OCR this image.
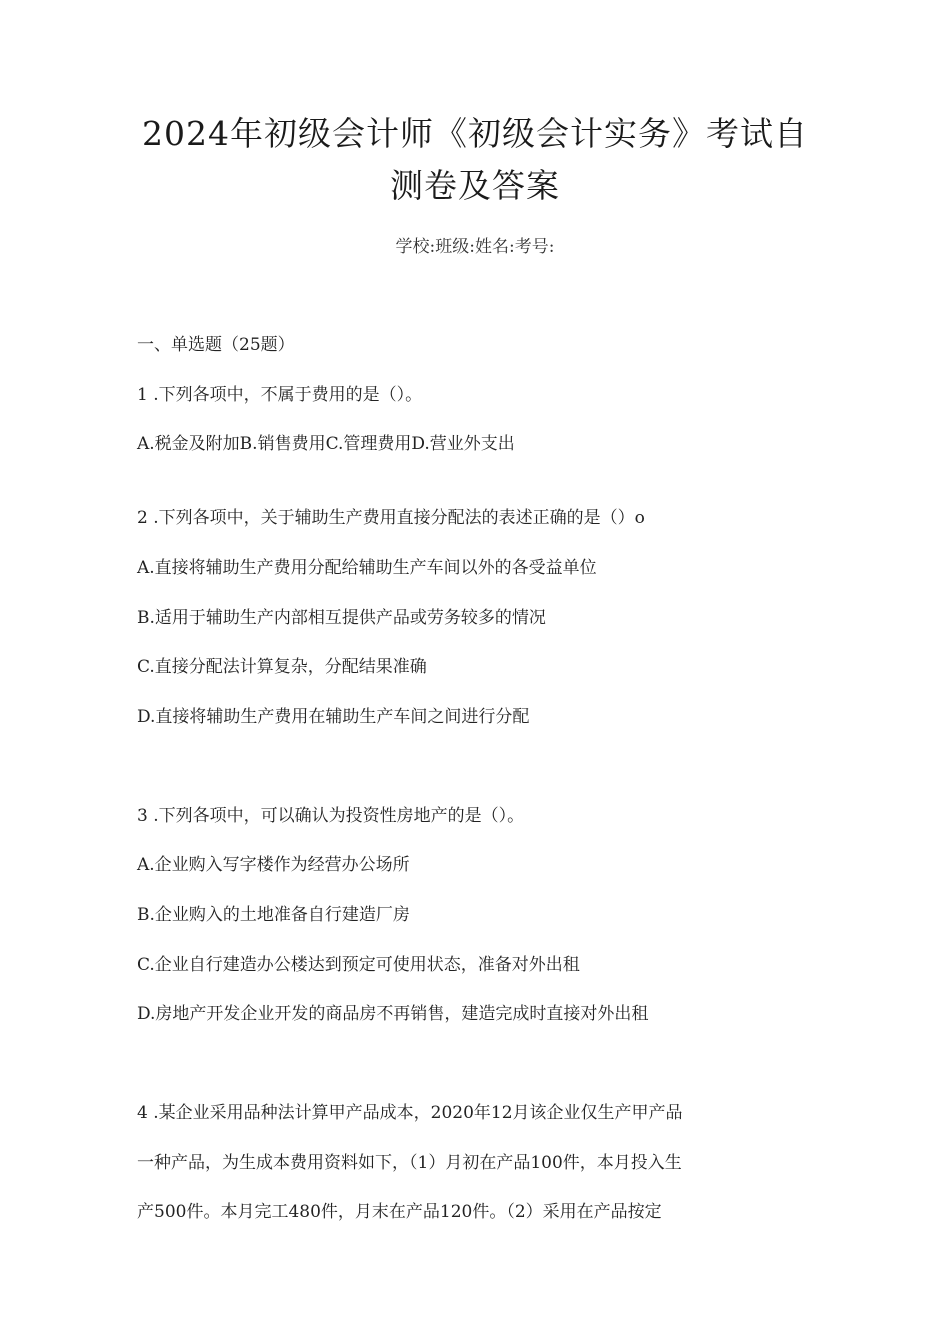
2024年初级会计师《初级会计实务》考试自
测卷及答案
学校:班级:姓名:考号:
一、单选题（25题）
1 .下列各项中，不属于费用的是（）。
A.税金及附加B.销售费用C.管理费用D.营业外支出
2 .下列各项中，关于辅助生产费用直接分配法的表述正确的是（）o
A.直接将辅助生产费用分配给辅助生产车间以外的各受益单位
B.适用于辅助生产内部相互提供产品或劳务较多的情况
C.直接分配法计算复杂，分配结果准确
D.直接将辅助生产费用在辅助生产车间之间进行分配
3 .下列各项中，可以确认为投资性房地产的是（）。
A.企业购入写字楼作为经营办公场所
B.企业购入的土地准备自行建造厂房
C.企业自行建造办公楼达到预定可使用状态，准备对外出租
D.房地产开发企业开发的商品房不再销售，建造完成时直接对外出租
4 .某企业采用品种法计算甲产品成本，2020年12月该企业仅生产甲产品
一种产品，为生成本费用资料如下，（1）月初在产品100件，本月投入生
产500件。本月完工480件，月末在产品120件。（2）采用在产品按定
